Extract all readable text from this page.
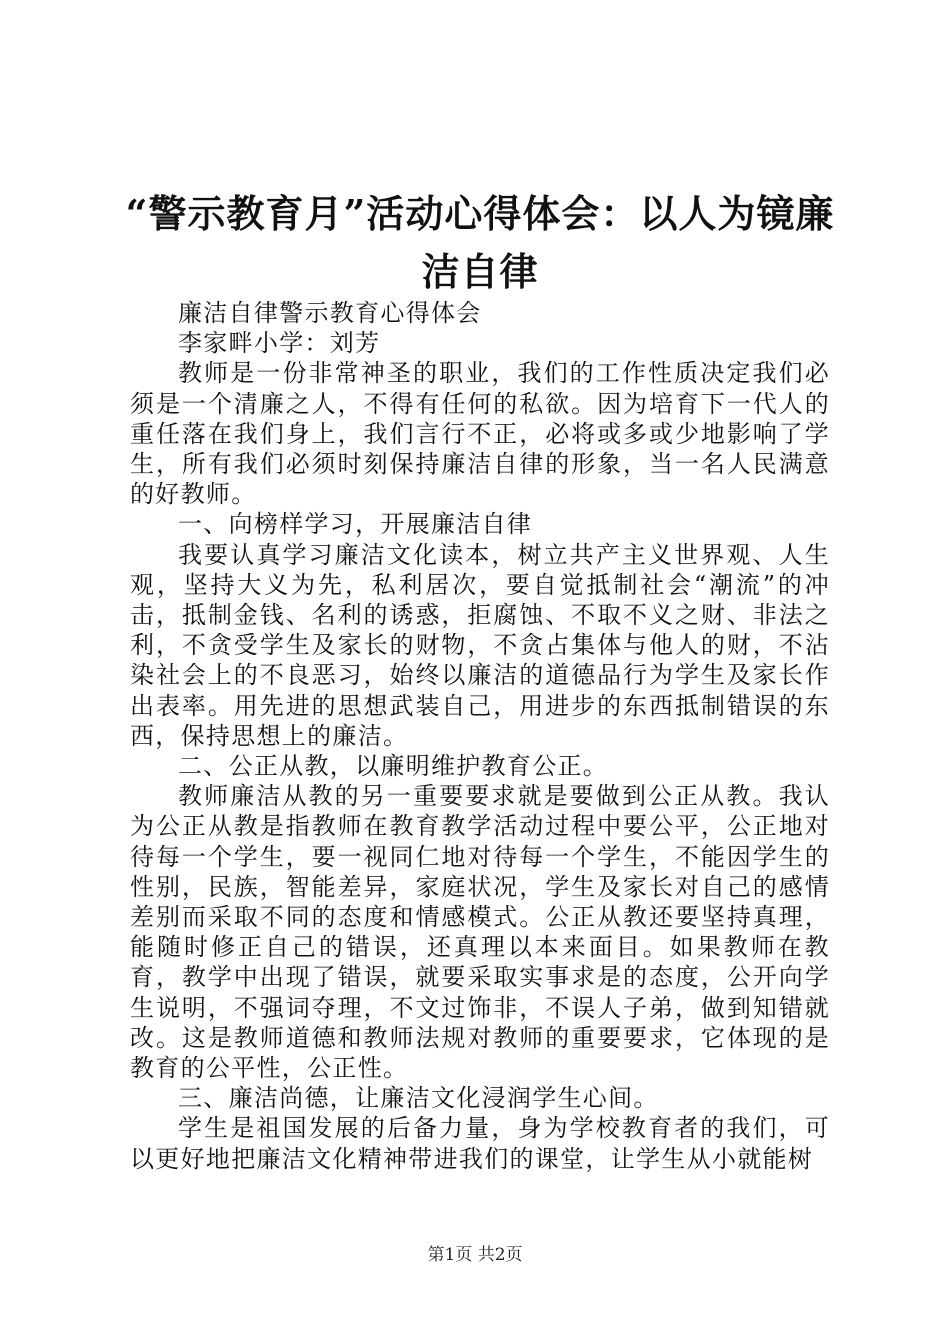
“警示教育月”活动心得体会：以人为镜廉洁自律

廉洁自律警示教育心得体会

李家畔小学：刘芳

教师是一份非常神圣的职业，我们的工作性质决定我们必须是一个清廉之人，不得有任何的私欲。因为培育下一代人的重任落在我们身上，我们言行不正，必将或多或少地影响了学生，所有我们必须时刻保持廉洁自律的形象，当一名人民满意的好教师。

一、向榜样学习，开展廉洁自律

我要认真学习廉洁文化读本，树立共产主义世界观、人生观，坚持大义为先，私利居次，要自觉抵制社会“潮流”的冲击，抵制金钱、名利的诱惑，拒腐蚀、不取不义之财、非法之利，不贪受学生及家长的财物，不贪占集体与他人的财，不沾染社会上的不良恶习，始终以廉洁的道德品行为学生及家长作出表率。用先进的思想武装自己，用进步的东西抵制错误的东西，保持思想上的廉洁。

二、公正从教，以廉明维护教育公正。

教师廉洁从教的另一重要要求就是要做到公正从教。我认为公正从教是指教师在教育教学活动过程中要公平，公正地对待每一个学生，要一视同仁地对待每一个学生，不能因学生的性别，民族，智能差异，家庭状况，学生及家长对自己的感情差别而采取不同的态度和情感模式。公正从教还要坚持真理，能随时修正自己的错误，还真理以本来面目。如果教师在教育，教学中出现了错误，就要采取实事求是的态度，公开向学生说明，不强词夺理，不文过饰非，不误人子弟，做到知错就改。这是教师道德和教师法规对教师的重要要求，它体现的是教育的公平性，公正性。

三、廉洁尚德，让廉洁文化浸润学生心间。

学生是祖国发展的后备力量，身为学校教育者的我们，可以更好地把廉洁文化精神带进我们的课堂，让学生从小就能树

第1页 共2页
